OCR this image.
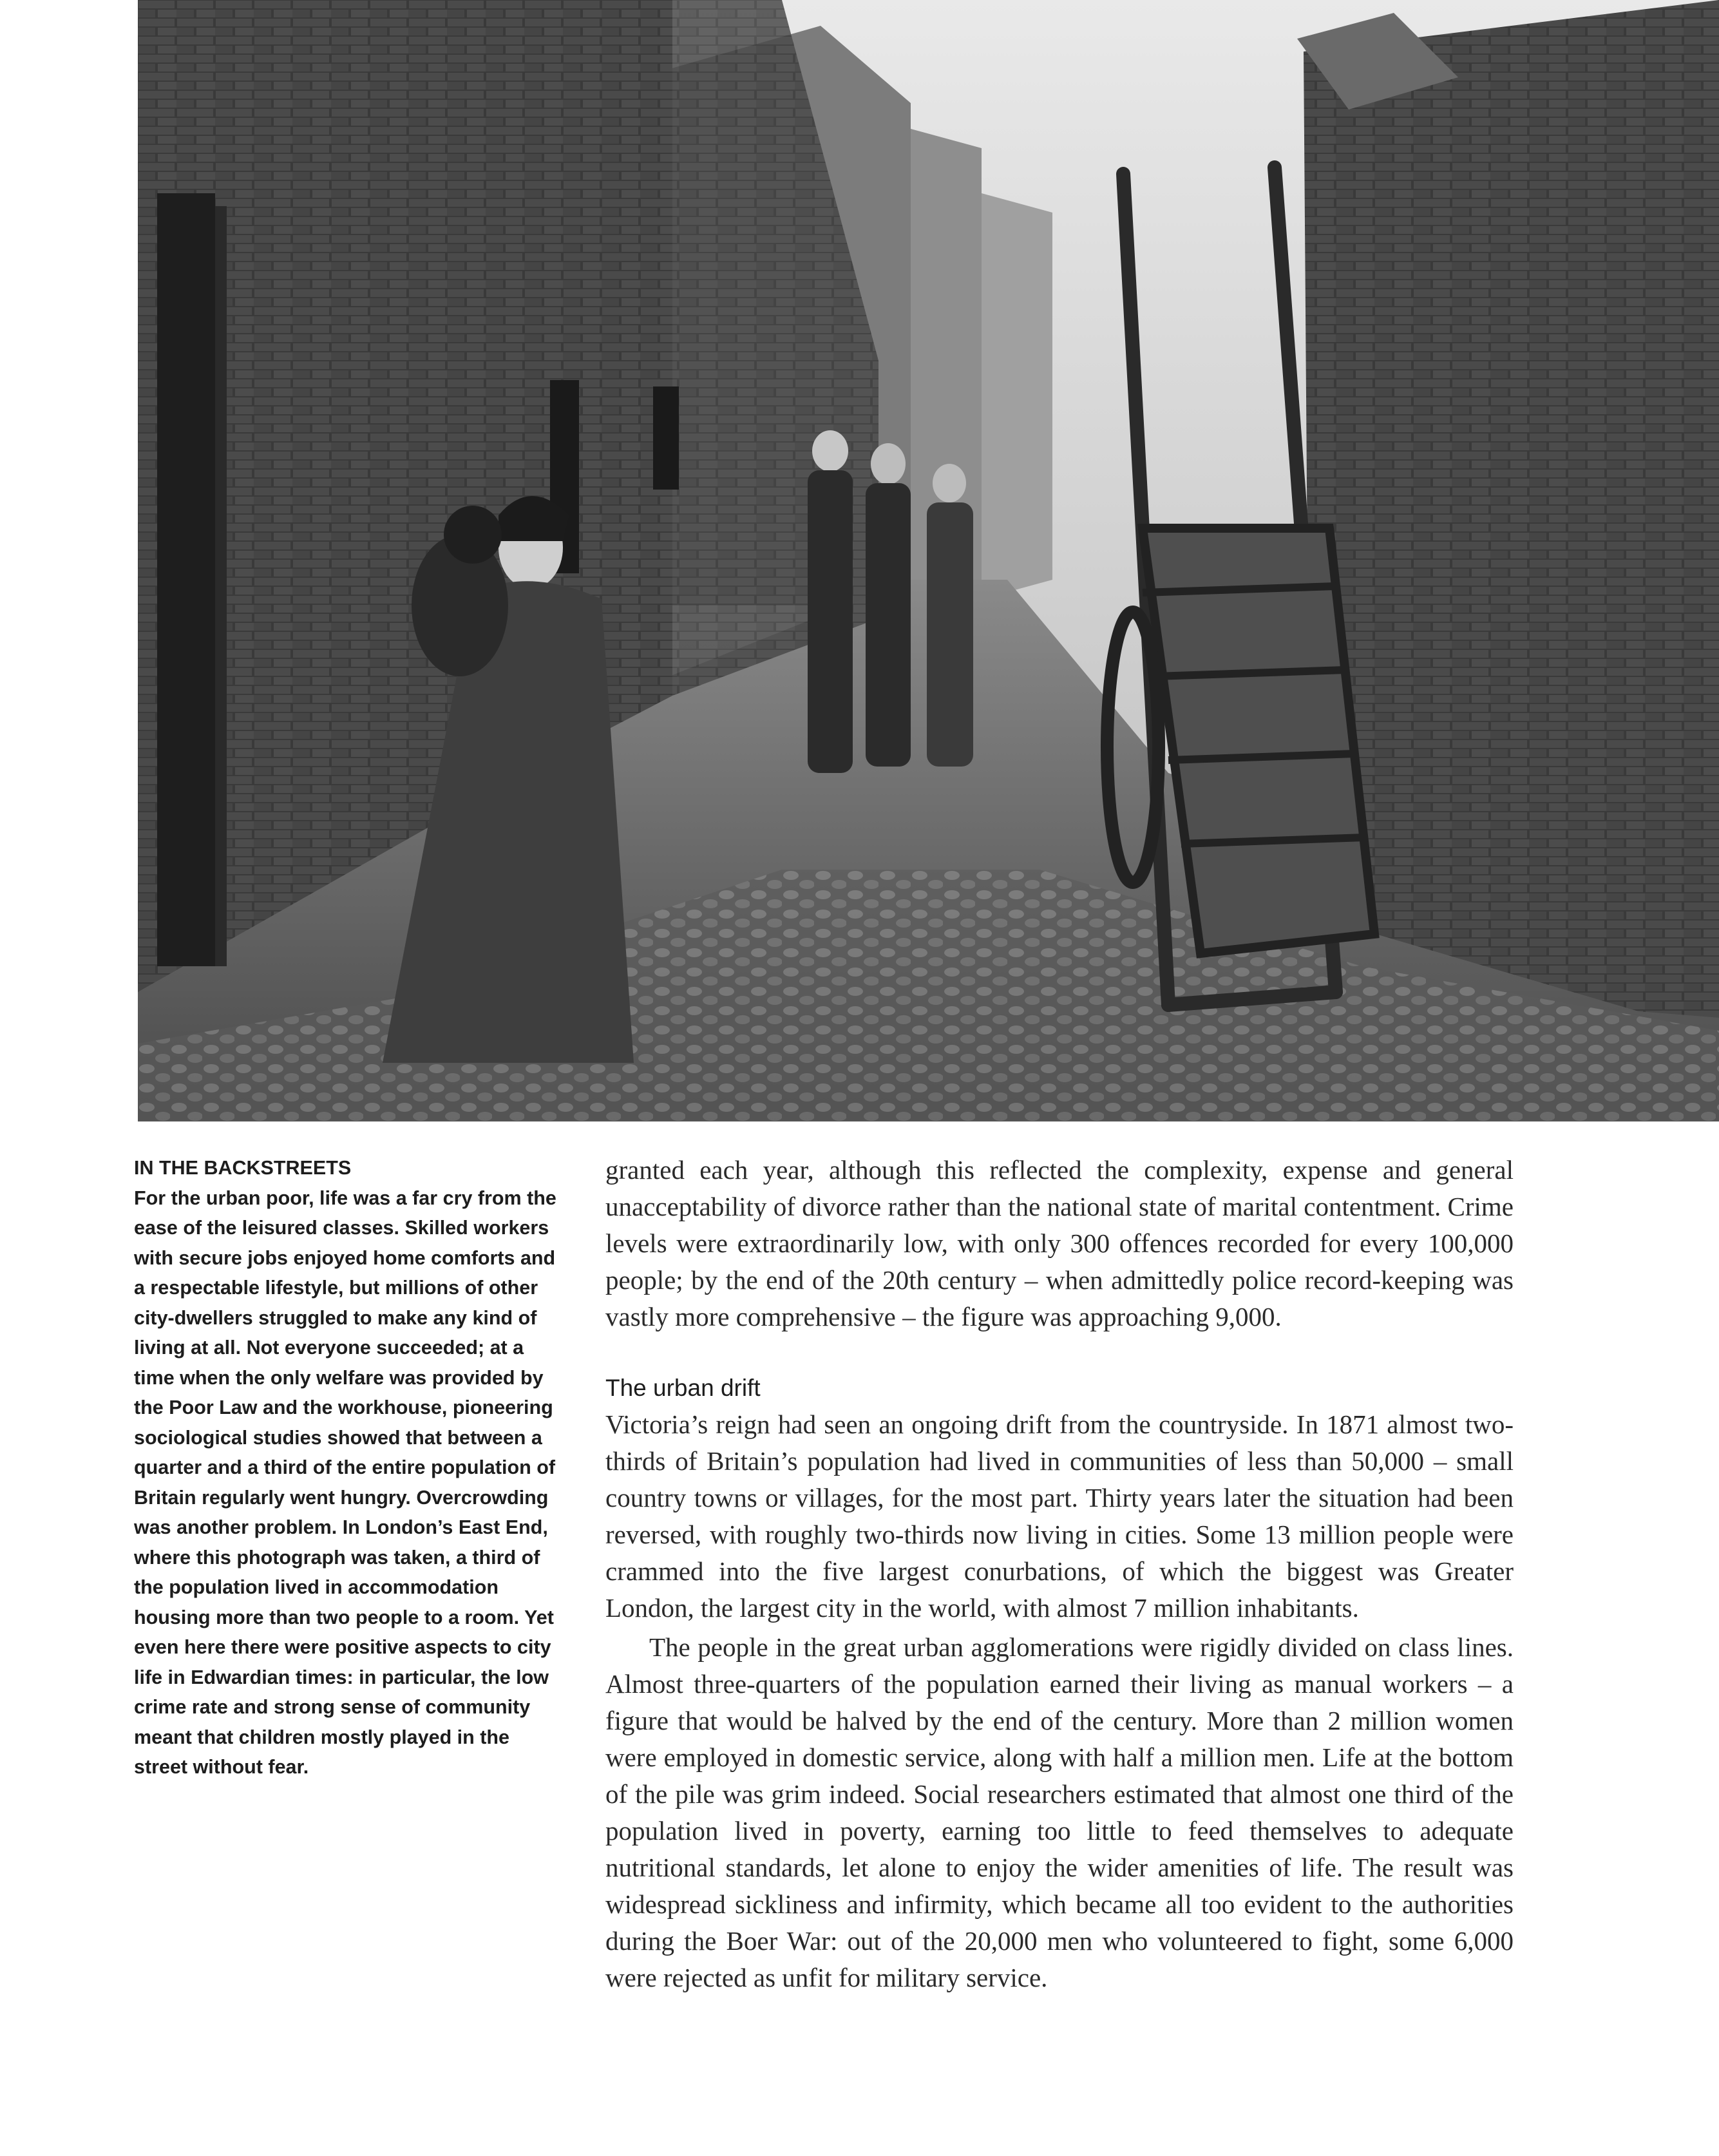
IN THE BACKSTREETS
For the urban poor, life was a far cry from the ease of the leisured classes. Skilled workers with secure jobs enjoyed home comforts and a respectable lifestyle, but millions of other city-dwellers struggled to make any kind of living at all. Not everyone succeeded; at a time when the only welfare was provided by the Poor Law and the workhouse, pioneering sociological studies showed that between a quarter and a third of the entire population of Britain regularly went hungry. Overcrowding was another problem. In London’s East End, where this photograph was taken, a third of the population lived in accommodation housing more than two people to a room. Yet even here there were positive aspects to city life in Edwardian times: in particular, the low crime rate and strong sense of community meant that children mostly played in the street without fear.

granted each year, although this reflected the complexity, expense and general unacceptability of divorce rather than the national state of marital contentment. Crime levels were extraordinarily low, with only 300 offences recorded for every 100,000 people; by the end of the 20th century – when admittedly police record-keeping was vastly more comprehensive – the figure was approaching 9,000.

The urban drift

Victoria’s reign had seen an ongoing drift from the countryside. In 1871 almost two-thirds of Britain’s population had lived in communities of less than 50,000 – small country towns or villages, for the most part. Thirty years later the situation had been reversed, with roughly two-thirds now living in cities. Some 13 million people were crammed into the five largest conurbations, of which the biggest was Greater London, the largest city in the world, with almost 7 million inhabitants.

The people in the great urban agglomerations were rigidly divided on class lines. Almost three-quarters of the population earned their living as manual workers – a figure that would be halved by the end of the century. More than 2 million women were employed in domestic service, along with half a million men. Life at the bottom of the pile was grim indeed. Social researchers estimated that almost one third of the population lived in poverty, earning too little to feed themselves to adequate nutritional standards, let alone to enjoy the wider amenities of life. The result was widespread sickliness and infirmity, which became all too evident to the authorities during the Boer War: out of the 20,000 men who volunteered to fight, some 6,000 were rejected as unfit for military service.
